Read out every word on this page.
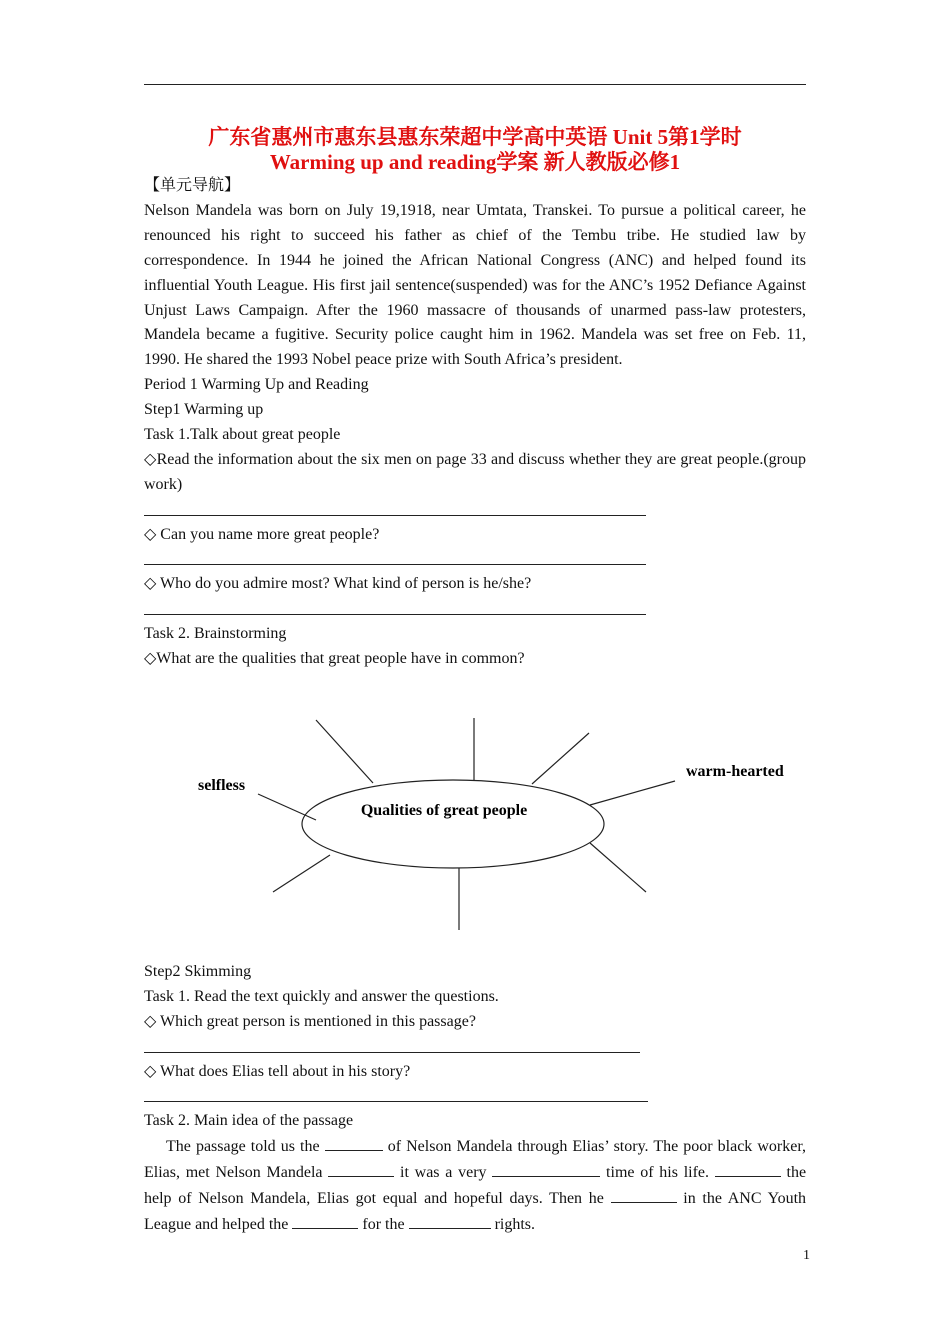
广东省惠州市惠东县惠东荣超中学高中英语 Unit 5第1学时
Warming up and reading学案 新人教版必修1

【单元导航】

Nelson Mandela was born on July 19,1918, near Umtata, Transkei. To pursue a political career, he renounced his right to succeed his father as chief of the Tembu tribe. He studied law by correspondence. In 1944 he joined the African National Congress (ANC) and helped found its influential Youth League. His first jail sentence(suspended) was for the ANC’s 1952 Defiance Against Unjust Laws Campaign. After the 1960 massacre of thousands of unarmed pass-law protesters, Mandela became a fugitive. Security police caught him in 1962. Mandela was set free on Feb. 11, 1990. He shared the 1993 Nobel peace prize with South Africa’s president.

Period 1 Warming Up and Reading

Step1 Warming up

Task 1.Talk about great people

◇Read the information about the six men on page 33 and discuss whether they are great people.(group work)

◇ Can you name more great people?

◇ Who do you admire most? What kind of person is he/she?

Task 2. Brainstorming

◇What are the qualities that great people have in common?

Qualities of great people
selfless
warm-hearted

Step2 Skimming

Task 1. Read the text quickly and answer the questions.

◇ Which great person is mentioned in this passage?

◇ What does Elias tell about in his story?

Task 2. Main idea of the passage

The passage told us the	of Nelson Mandela through Elias’ story. The poor black worker, Elias, met Nelson Mandela	it was a very	time of his life.	the help of Nelson Mandela, Elias got equal and hopeful days. Then he	in the ANC Youth League and helped the	for the	rights.

1
